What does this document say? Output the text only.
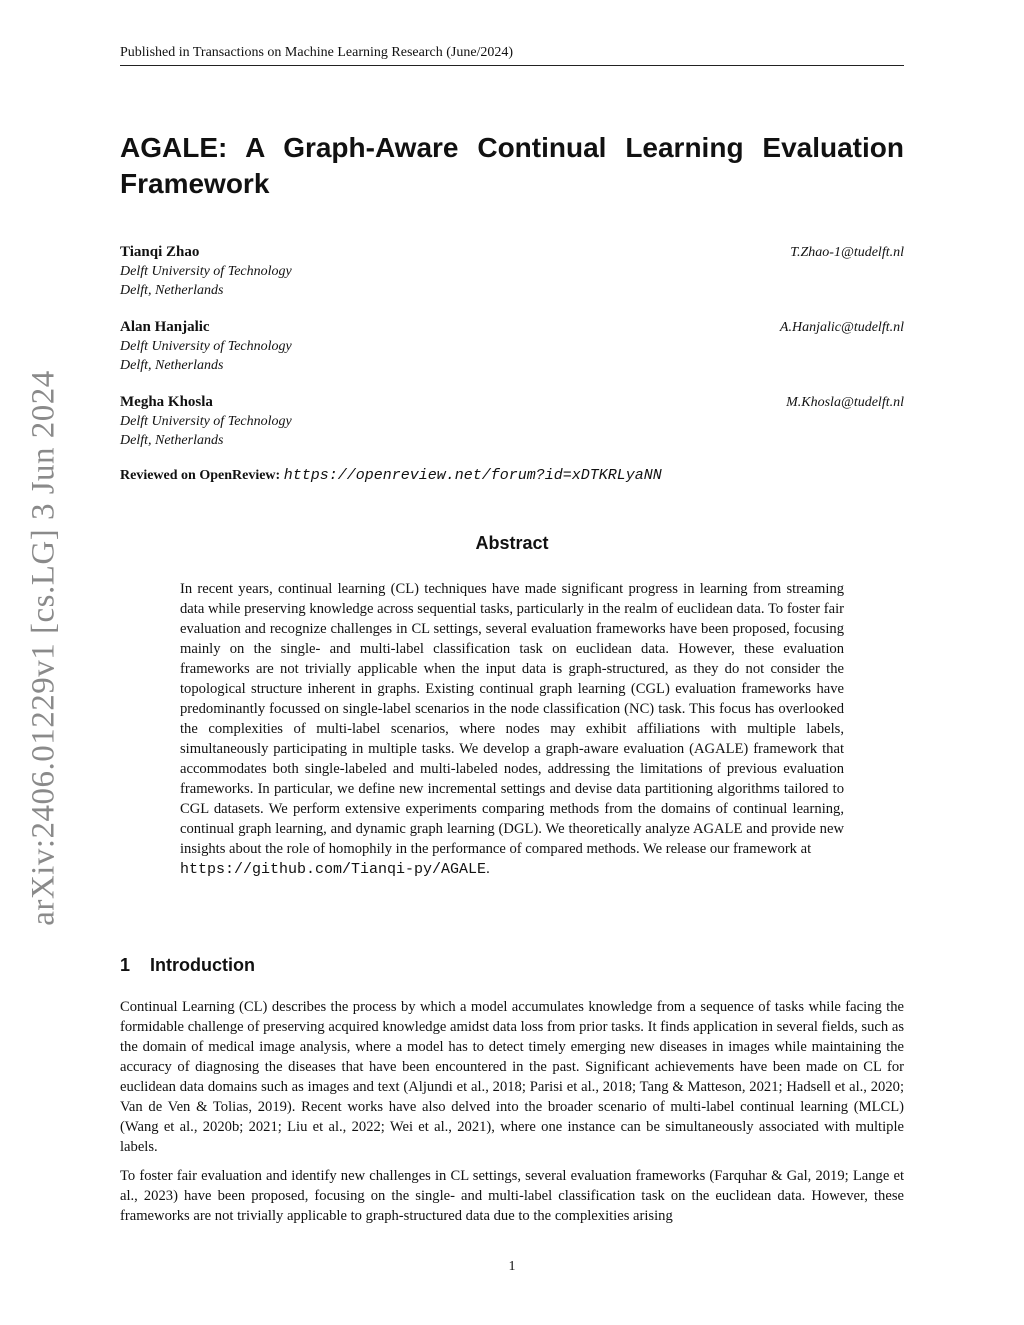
Published in Transactions on Machine Learning Research (June/2024)
arXiv:2406.01229v1 [cs.LG] 3 Jun 2024
AGALE: A Graph-Aware Continual Learning Evaluation
Framework
Tianqi Zhao	T.Zhao-1@tudelft.nl
Delft University of Technology
Delft, Netherlands
Alan Hanjalic	A.Hanjalic@tudelft.nl
Delft University of Technology
Delft, Netherlands
Megha Khosla	M.Khosla@tudelft.nl
Delft University of Technology
Delft, Netherlands
Reviewed on OpenReview: https://openreview.net/forum?id=xDTKRLyaNN
Abstract

In recent years, continual learning (CL) techniques have made significant progress in learning from streaming data while preserving knowledge across sequential tasks, particularly in the realm of euclidean data. To foster fair evaluation and recognize challenges in CL settings, several evaluation frameworks have been proposed, focusing mainly on the single- and multi-label classification task on euclidean data. However, these evaluation frameworks are not trivially applicable when the input data is graph-structured, as they do not consider the topological structure inherent in graphs. Existing continual graph learning (CGL) evaluation frameworks have predominantly focussed on single-label scenarios in the node classification (NC) task. This focus has overlooked the complexities of multi-label scenarios, where nodes may exhibit affiliations with multiple labels, simultaneously participating in multiple tasks. We develop a graph-aware evaluation (AGALE) framework that accommodates both single-labeled and multi-labeled nodes, addressing the limitations of previous evaluation frameworks. In particular, we define new incremental settings and devise data partitioning algorithms tailored to CGL datasets. We perform extensive experiments comparing methods from the domains of continual learning, continual graph learning, and dynamic graph learning (DGL). We theoretically analyze AGALE and provide new insights about the role of homophily in the performance of compared methods. We release our framework at
https://github.com/Tianqi-py/AGALE.

1 Introduction

Continual Learning (CL) describes the process by which a model accumulates knowledge from a sequence of tasks while facing the formidable challenge of preserving acquired knowledge amidst data loss from prior tasks. It finds application in several fields, such as the domain of medical image analysis, where a model has to detect timely emerging new diseases in images while maintaining the accuracy of diagnosing the diseases that have been encountered in the past. Significant achievements have been made on CL for euclidean data domains such as images and text (Aljundi et al., 2018; Parisi et al., 2018; Tang & Matteson, 2021; Hadsell et al., 2020; Van de Ven & Tolias, 2019). Recent works have also delved into the broader scenario of multi-label continual learning (MLCL) (Wang et al., 2020b; 2021; Liu et al., 2022; Wei et al., 2021), where one instance can be simultaneously associated with multiple labels.

To foster fair evaluation and identify new challenges in CL settings, several evaluation frameworks (Farquhar & Gal, 2019; Lange et al., 2023) have been proposed, focusing on the single- and multi-label classification task on the euclidean data. However, these frameworks are not trivially applicable to graph-structured data due to the complexities arising

1
